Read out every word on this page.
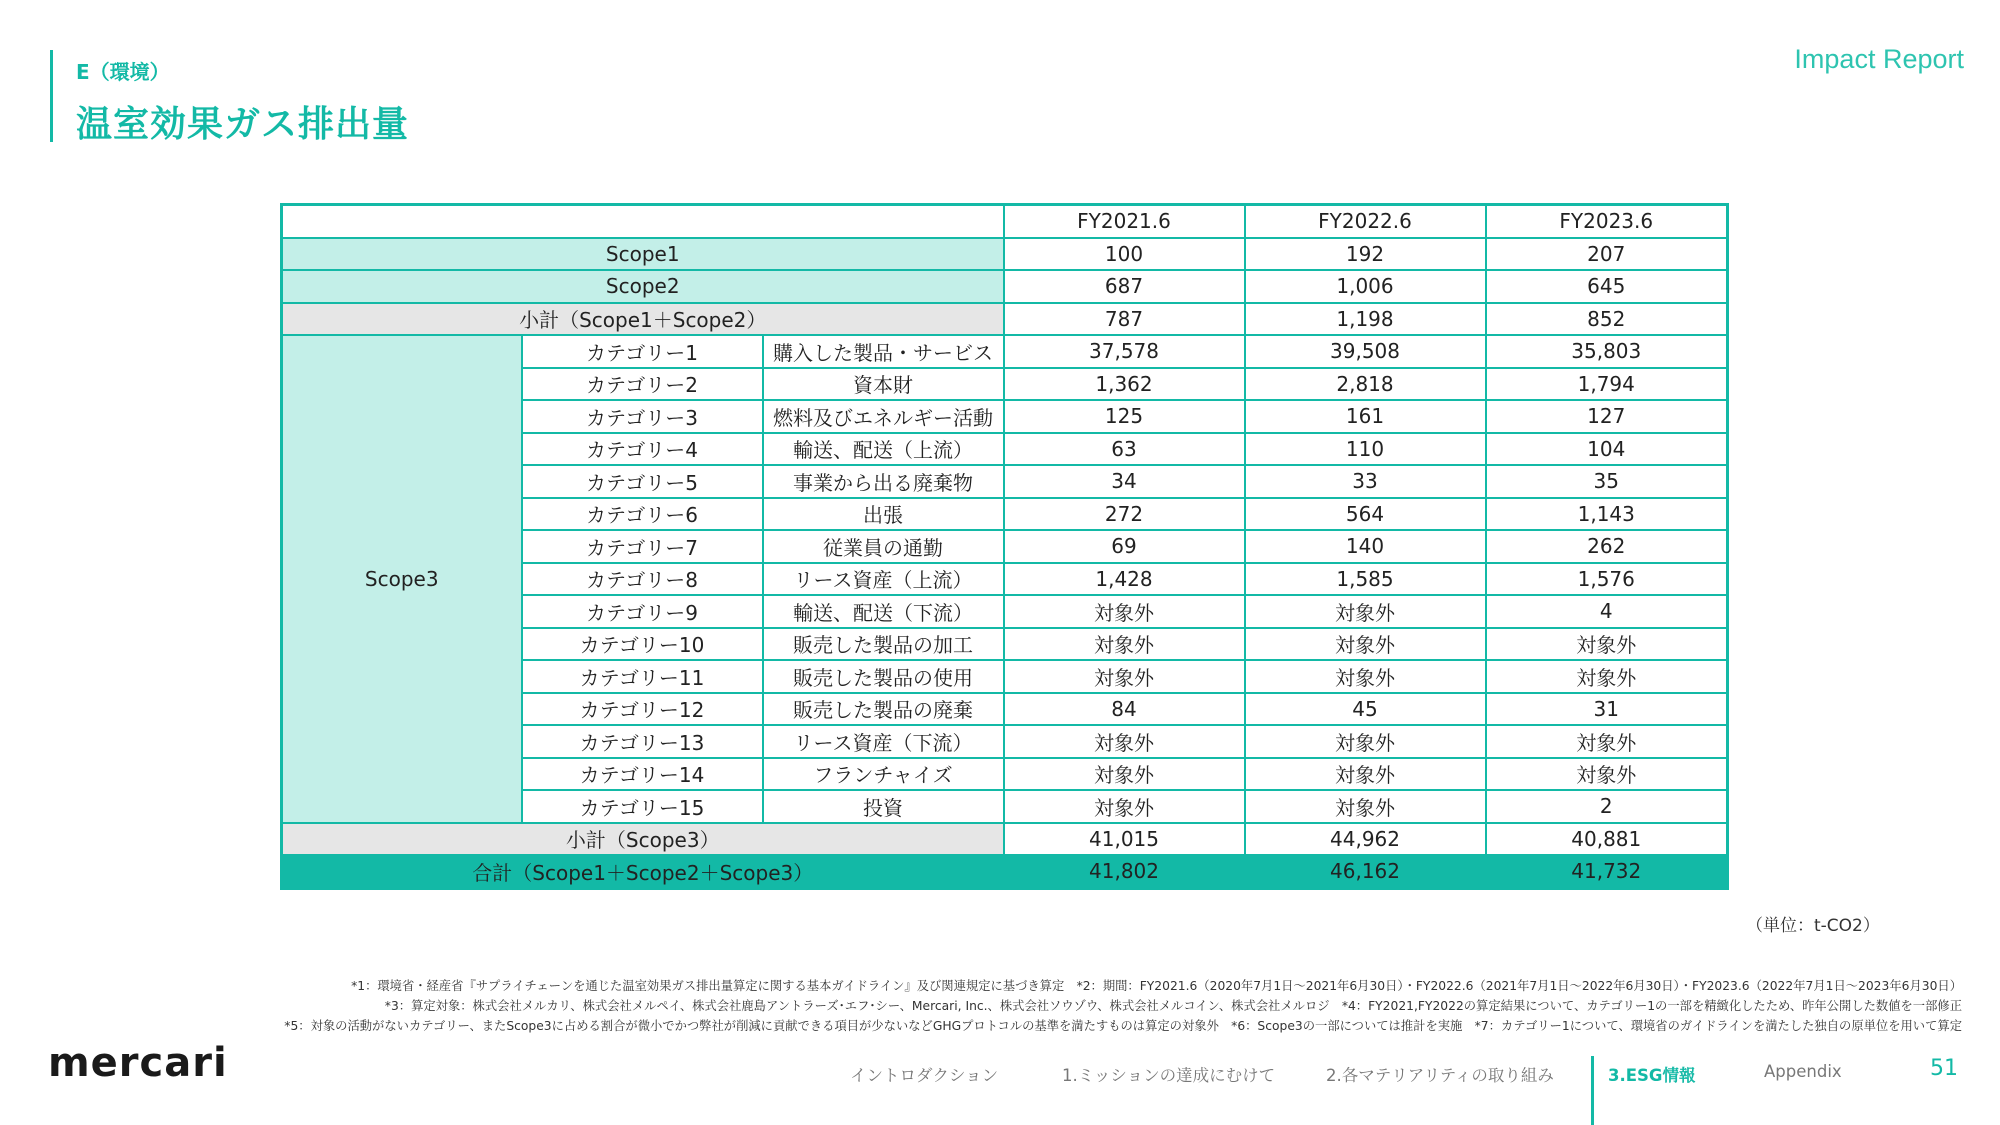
E（環境）
温室効果ガス排出量
Impact Report
			FY2021.6	FY2022.6	FY2023.6
Scope1			100	192	207
Scope2			687	1,006	645
小計（Scope1＋Scope2）			787	1,198	852
Scope3	カテゴリー1	購入した製品・サービス	37,578	39,508	35,803
	カテゴリー2	資本財	1,362	2,818	1,794
	カテゴリー3	燃料及びエネルギー活動	125	161	127
	カテゴリー4	輸送、配送（上流）	63	110	104
	カテゴリー5	事業から出る廃棄物	34	33	35
	カテゴリー6	出張	272	564	1,143
	カテゴリー7	従業員の通勤	69	140	262
	カテゴリー8	リース資産（上流）	1,428	1,585	1,576
	カテゴリー9	輸送、配送（下流）	対象外	対象外	4
	カテゴリー10	販売した製品の加工	対象外	対象外	対象外
	カテゴリー11	販売した製品の使用	対象外	対象外	対象外
	カテゴリー12	販売した製品の廃棄	84	45	31
	カテゴリー13	リース資産（下流）	対象外	対象外	対象外
	カテゴリー14	フランチャイズ	対象外	対象外	対象外
	カテゴリー15	投資	対象外	対象外	2
小計（Scope3）			41,015	44,962	40,881
合計（Scope1＋Scope2＋Scope3）			41,802	46,162	41,732
（単位：t-CO2）
*1：環境省・経産省『サプライチェーンを通じた温室効果ガス排出量算定に関する基本ガイドライン』及び関連規定に基づき算定　*2：期間：FY2021.6（2020年7月1日～2021年6月30日）・FY2022.6（2021年7月1日～2022年6月30日）・FY2023.6（2022年7月1日～2023年6月30日）
*3：算定対象：株式会社メルカリ、株式会社メルペイ、株式会社鹿島アントラーズ･エフ･シー、Mercari, Inc.、株式会社ソウゾウ、株式会社メルコイン、株式会社メルロジ　*4：FY2021,FY2022の算定結果について、カテゴリー1の一部を精緻化したため、昨年公開した数値を一部修正
*5：対象の活動がないカテゴリー、またScope3に占める割合が微小でかつ弊社が削減に貢献できる項目が少ないなどGHGプロトコルの基準を満たすものは算定の対象外　*6：Scope3の一部については推計を実施　*7：カテゴリー1について、環境省のガイドラインを満たした独自の原単位を用いて算定
mercari	イントロダクション	1.ミッションの達成にむけて	2.各マテリアリティの取り組み	3.ESG情報	Appendix	51
